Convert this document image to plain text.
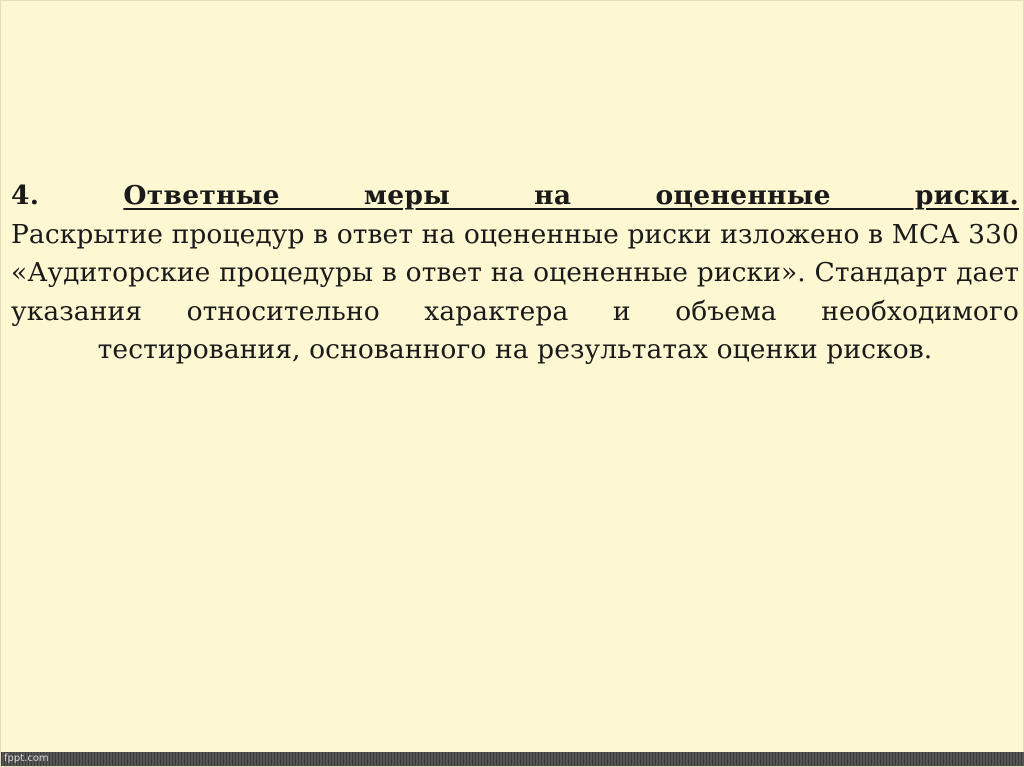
4.	Ответные меры на оцененные риски.
Раскрытие процедур в ответ на оцененные риски изложено в МСА 330 «Аудиторские процедуры в ответ на оцененные риски». Стандарт дает указания относительно характера и объема необходимого тестирования, основанного на результатах оценки рисков.
fppt.com
